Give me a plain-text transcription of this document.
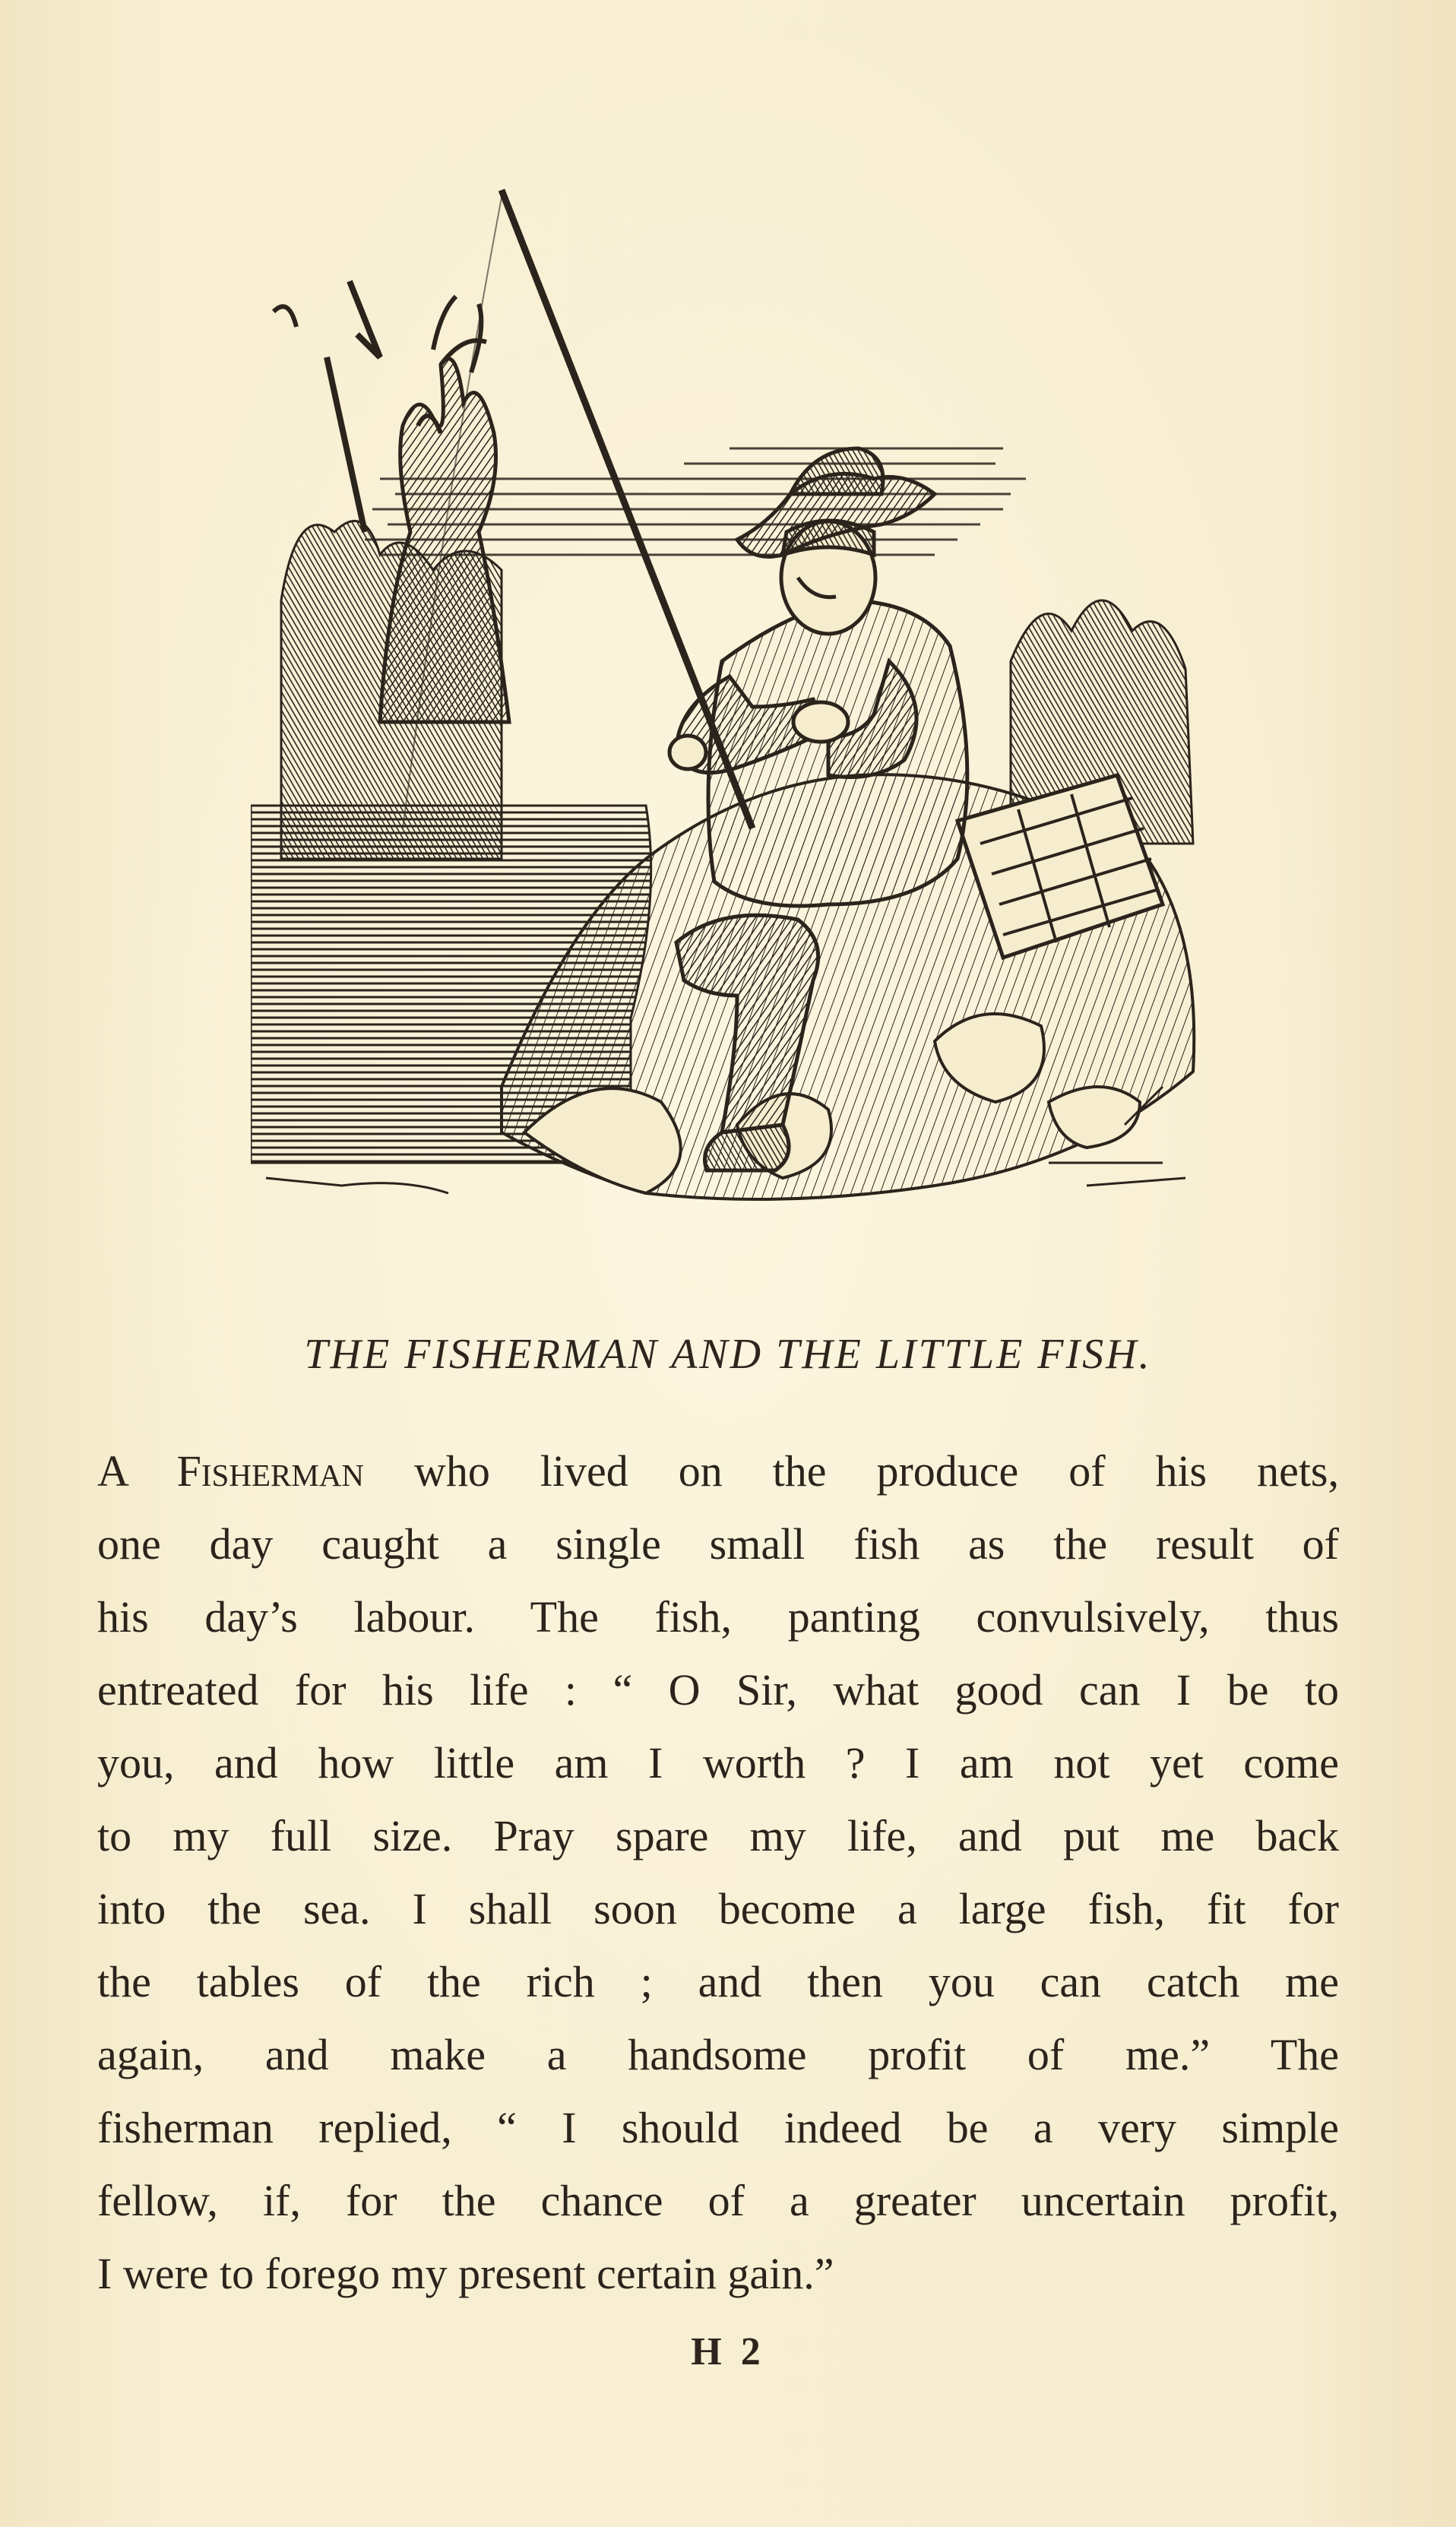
THE FISHERMAN AND THE LITTLE FISH.
A Fisherman who lived on the produce of his nets,
one day caught a single small fish as the result of
his day’s labour. The fish, panting convulsively, thus
entreated for his life : “ O Sir, what good can I be to
you, and how little am I worth ? I am not yet come
to my full size. Pray spare my life, and put me back
into the sea. I shall soon become a large fish, fit for
the tables of the rich ; and then you can catch me
again, and make a handsome profit of me.” The
fisherman replied, “ I should indeed be a very simple
fellow, if, for the chance of a greater uncertain profit,
I were to forego my present certain gain.”
H 2
